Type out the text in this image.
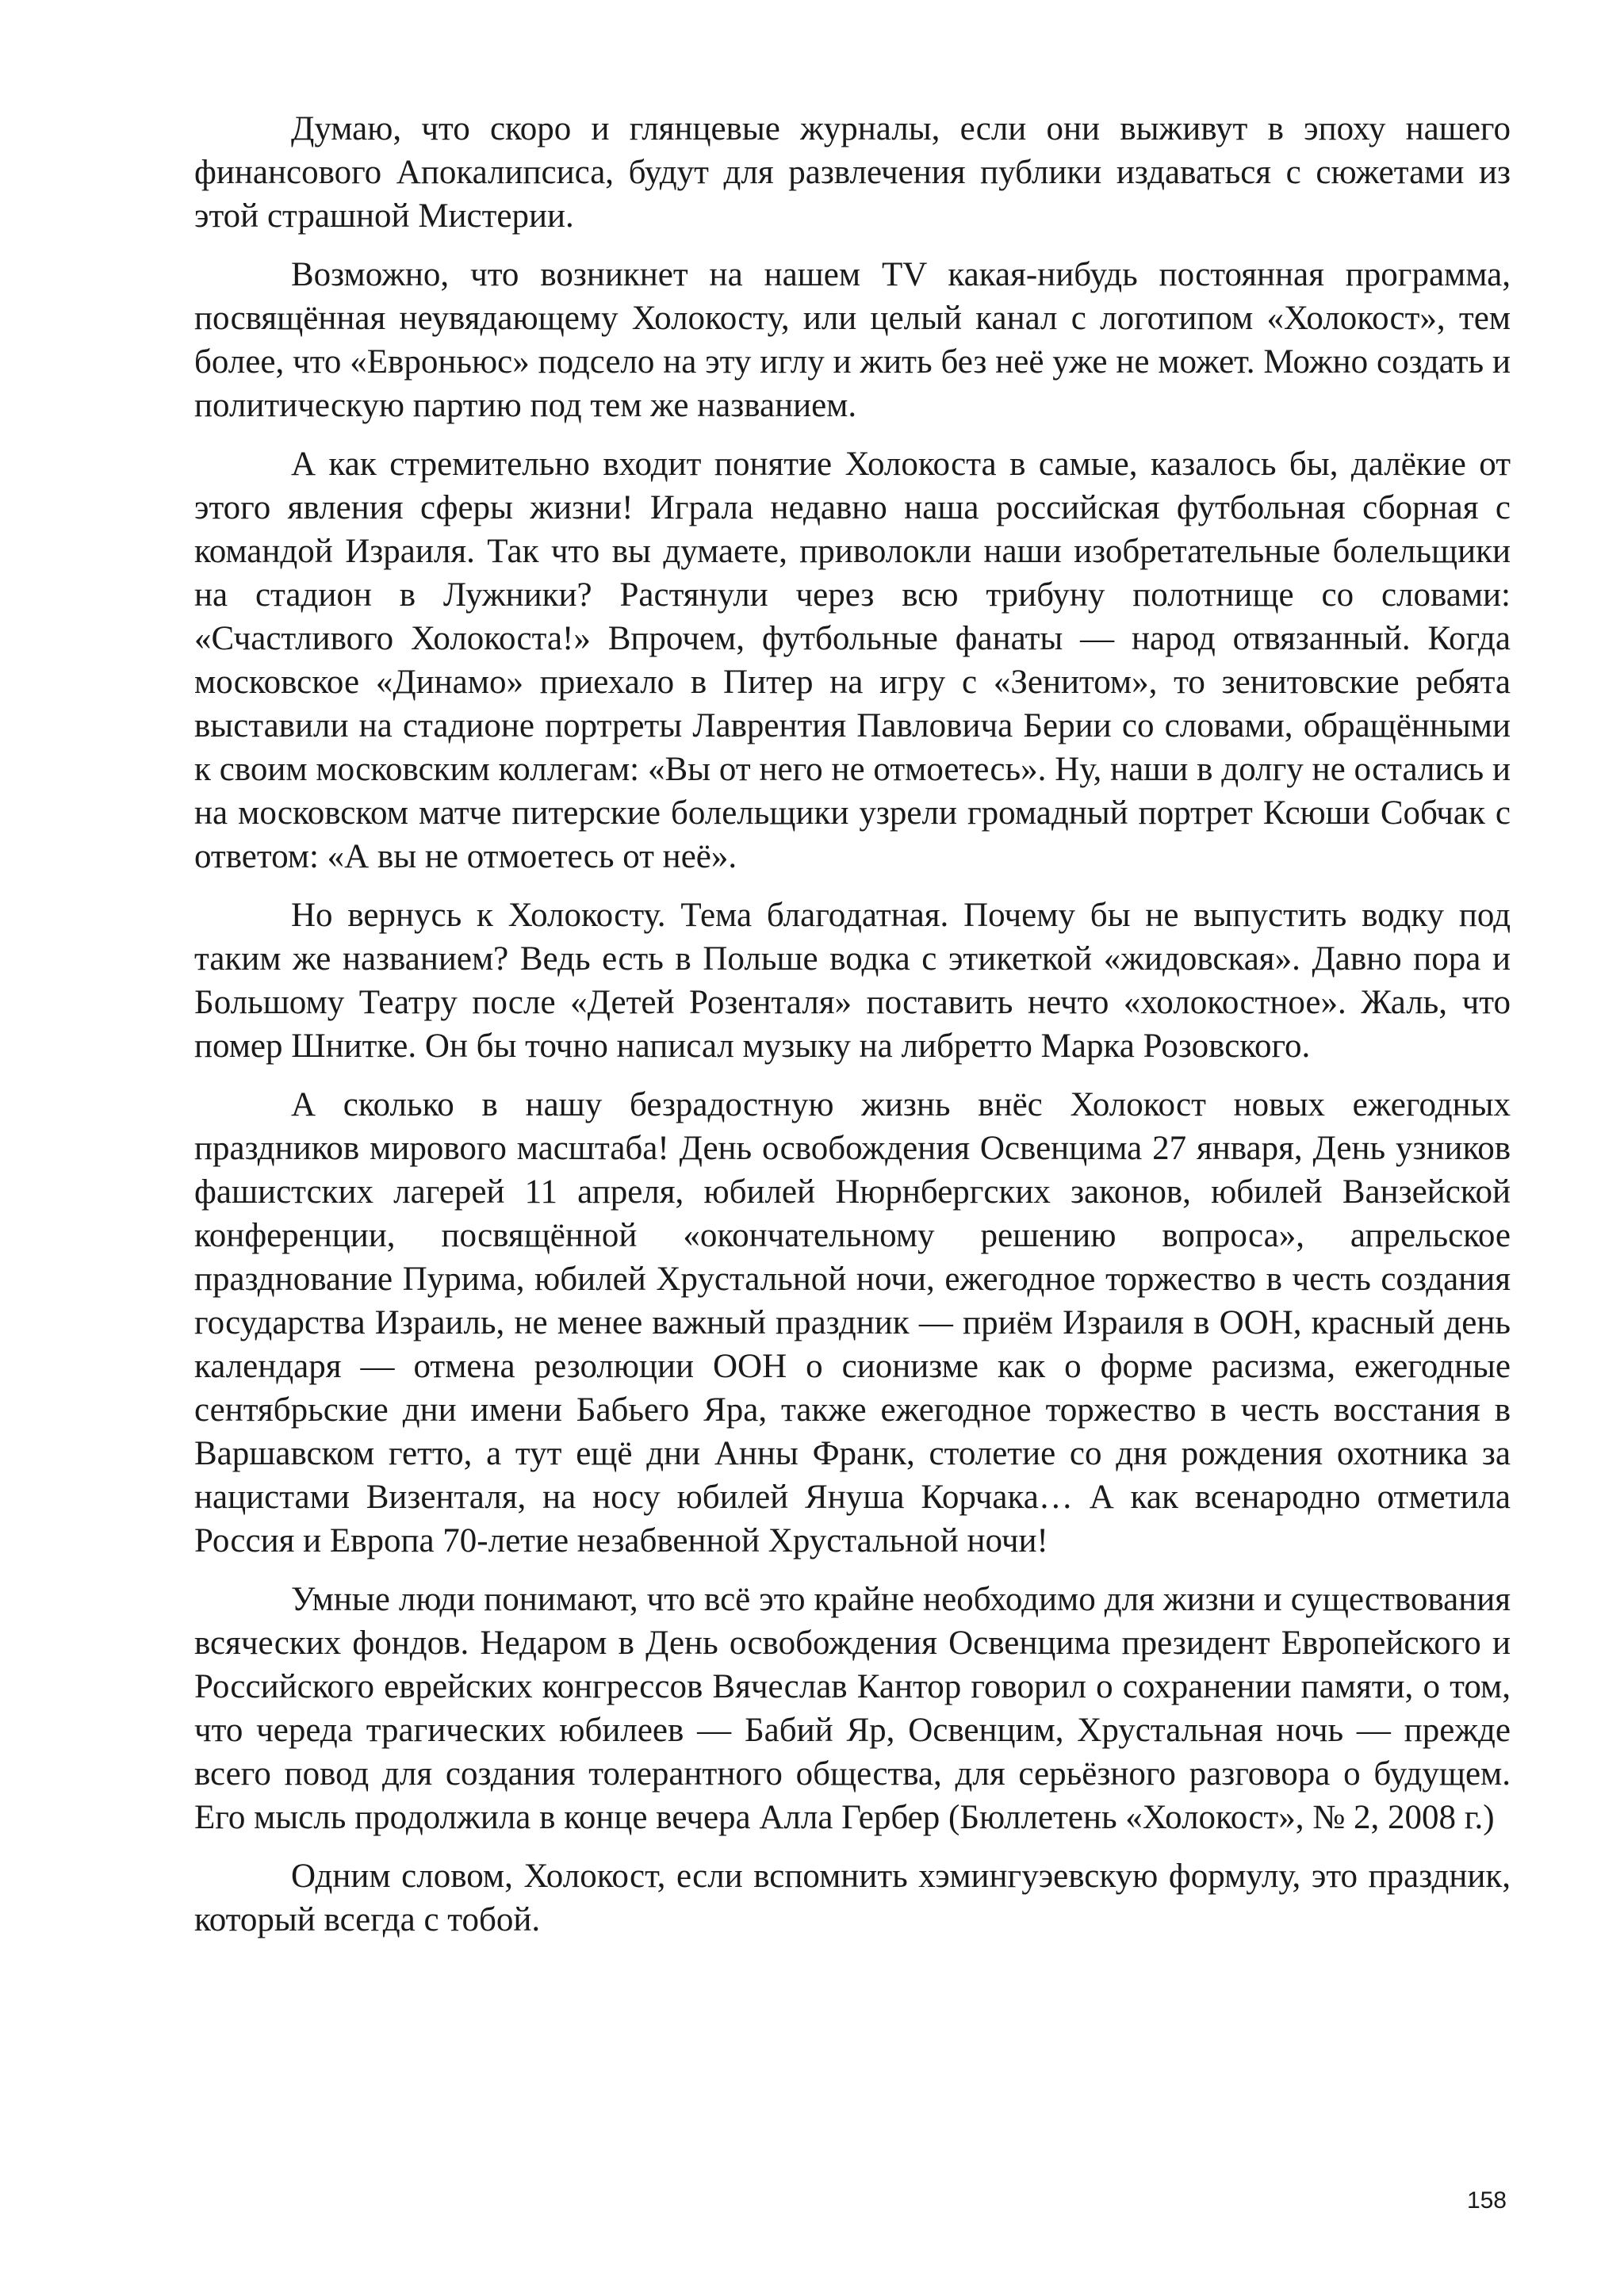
Думаю, что скоро и глянцевые журналы, если они выживут в эпоху нашего финансового Апокалипсиса, будут для развлечения публики издаваться с сюжетами из этой страшной Мистерии.

Возможно, что возникнет на нашем TV какая-нибудь постоянная программа, посвящённая неувядающему Холокосту, или целый канал с логотипом «Холокост», тем более, что «Евроньюс» подсело на эту иглу и жить без неё уже не может. Можно создать и политическую партию под тем же названием.

А как стремительно входит понятие Холокоста в самые, казалось бы, далёкие от этого явления сферы жизни! Играла недавно наша российская футбольная сборная с командой Израиля. Так что вы думаете, приволокли наши изобретательные болельщики на стадион в Лужники? Растянули через всю трибуну полотнище со словами: «Счастливого Холокоста!» Впрочем, футбольные фанаты — народ отвязанный. Когда московское «Динамо» приехало в Питер на игру с «Зенитом», то зенитовские ребята выставили на стадионе портреты Лаврентия Павловича Берии со словами, обращёнными к своим московским коллегам: «Вы от него не отмоетесь». Ну, наши в долгу не остались и на московском матче питерские болельщики узрели громадный портрет Ксюши Собчак с ответом: «А вы не отмоетесь от неё».

Но вернусь к Холокосту. Тема благодатная. Почему бы не выпустить водку под таким же названием? Ведь есть в Польше водка с этикеткой «жидовская». Давно пора и Большому Театру после «Детей Розенталя» поставить нечто «холокостное». Жаль, что помер Шнитке. Он бы точно написал музыку на либретто Марка Розовского.

А сколько в нашу безрадостную жизнь внёс Холокост новых ежегодных праздников мирового масштаба! День освобождения Освенцима 27 января, День узников фашистских лагерей 11 апреля, юбилей Нюрнбергских законов, юбилей Ванзейской конференции, посвящённой «окончательному решению вопроса», апрельское празднование Пурима, юбилей Хрустальной ночи, ежегодное торжество в честь создания государства Израиль, не менее важный праздник — приём Израиля в ООН, красный день календаря — отмена резолюции ООН о сионизме как о форме расизма, ежегодные сентябрьские дни имени Бабьего Яра, также ежегодное торжество в честь восстания в Варшавском гетто, а тут ещё дни Анны Франк, столетие со дня рождения охотника за нацистами Визенталя, на носу юбилей Януша Корчака… А как всенародно отметила Россия и Европа 70-летие незабвенной Хрустальной ночи!

Умные люди понимают, что всё это крайне необходимо для жизни и существования всяческих фондов. Недаром в День освобождения Освенцима президент Европейского и Российского еврейских конгрессов Вячеслав Кантор говорил о сохранении памяти, о том, что череда трагических юбилеев — Бабий Яр, Освенцим, Хрустальная ночь — прежде всего повод для создания толерантного общества, для серьёзного разговора о будущем. Его мысль продолжила в конце вечера Алла Гербер (Бюллетень «Холокост», № 2, 2008 г.)

Одним словом, Холокост, если вспомнить хэмингуэевскую формулу, это праздник, который всегда с тобой.

158
